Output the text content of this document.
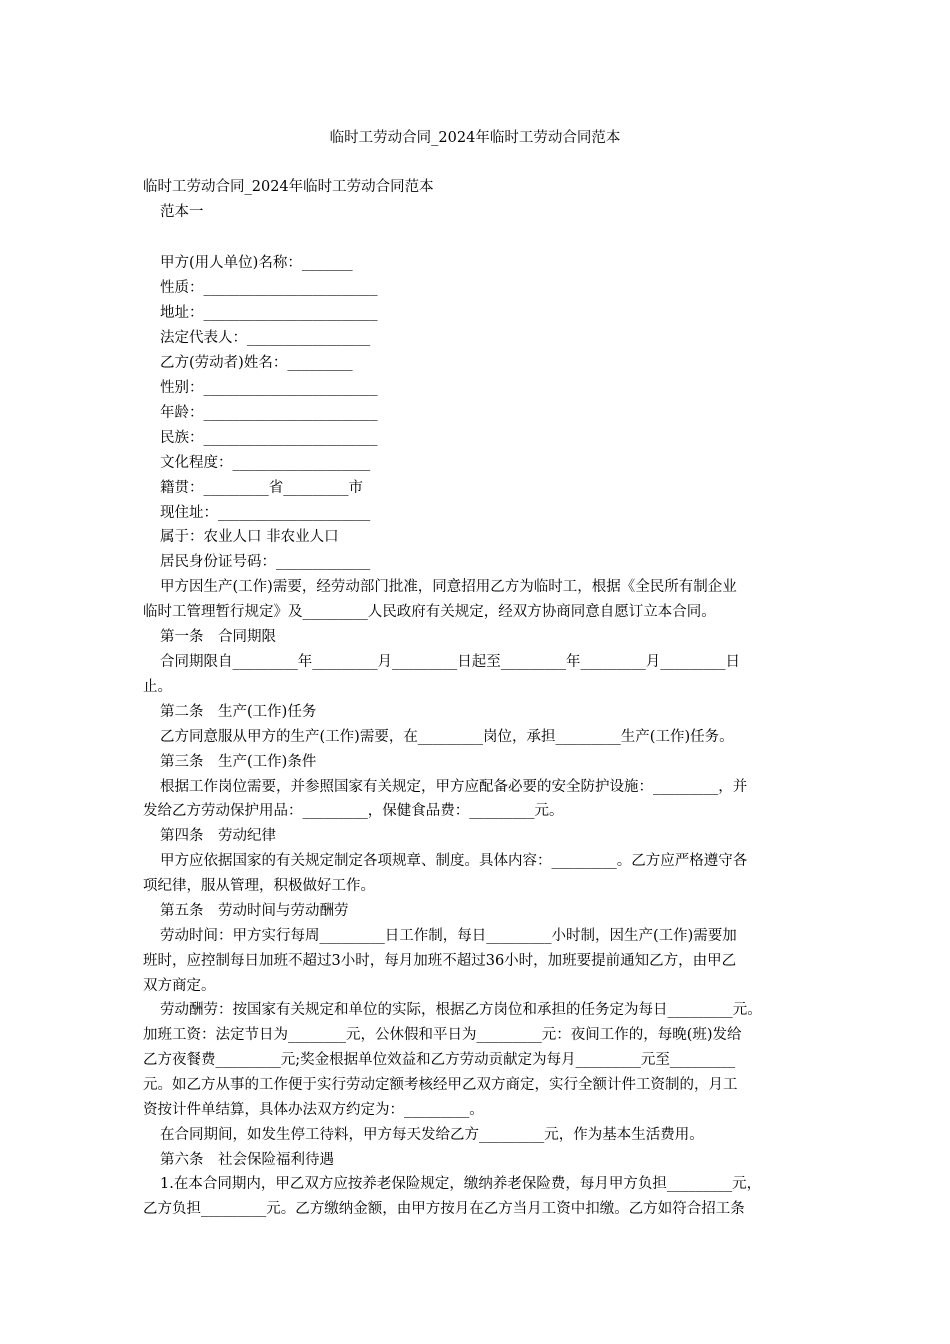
临时工劳动合同_2024年临时工劳动合同范本
临时工劳动合同_2024年临时工劳动合同范本
范本一
甲方(用人单位)名称：_______
性质：________________________
地址：________________________
法定代表人：_________________
乙方(劳动者)姓名：_________
性别：________________________
年龄：________________________
民族：________________________
文化程度：___________________
籍贯：_________省_________市
现住址：_____________________
属于：农业人口 非农业人口
居民身份证号码：_____________
甲方因生产(工作)需要，经劳动部门批准，同意招用乙方为临时工，根据《全民所有制企业
临时工管理暂行规定》及_________人民政府有关规定，经双方协商同意自愿订立本合同。
第一条　合同期限
合同期限自_________年_________月_________日起至_________年_________月_________日
止。
第二条　生产(工作)任务
乙方同意服从甲方的生产(工作)需要，在_________岗位，承担_________生产(工作)任务。
第三条　生产(工作)条件
根据工作岗位需要，并参照国家有关规定，甲方应配备必要的安全防护设施：_________，并
发给乙方劳动保护用品：_________，保健食品费：_________元。
第四条　劳动纪律
甲方应依据国家的有关规定制定各项规章、制度。具体内容：_________。乙方应严格遵守各
项纪律，服从管理，积极做好工作。
第五条　劳动时间与劳动酬劳
劳动时间：甲方实行每周_________日工作制，每日_________小时制，因生产(工作)需要加
班时，应控制每日加班不超过3小时，每月加班不超过36小时，加班要提前通知乙方，由甲乙
双方商定。
劳动酬劳：按国家有关规定和单位的实际，根据乙方岗位和承担的任务定为每日_________元。
加班工资：法定节日为________元，公休假和平日为_________元：夜间工作的，每晚(班)发给
乙方夜餐费_________元;奖金根据单位效益和乙方劳动贡献定为每月_________元至_________
元。如乙方从事的工作便于实行劳动定额考核经甲乙双方商定，实行全额计件工资制的，月工
资按计件单结算，具体办法双方约定为：_________。
在合同期间，如发生停工待料，甲方每天发给乙方_________元，作为基本生活费用。
第六条　社会保险福利待遇
1.在本合同期内，甲乙双方应按养老保险规定，缴纳养老保险费，每月甲方负担_________元，
乙方负担_________元。乙方缴纳金额，由甲方按月在乙方当月工资中扣缴。乙方如符合招工条
